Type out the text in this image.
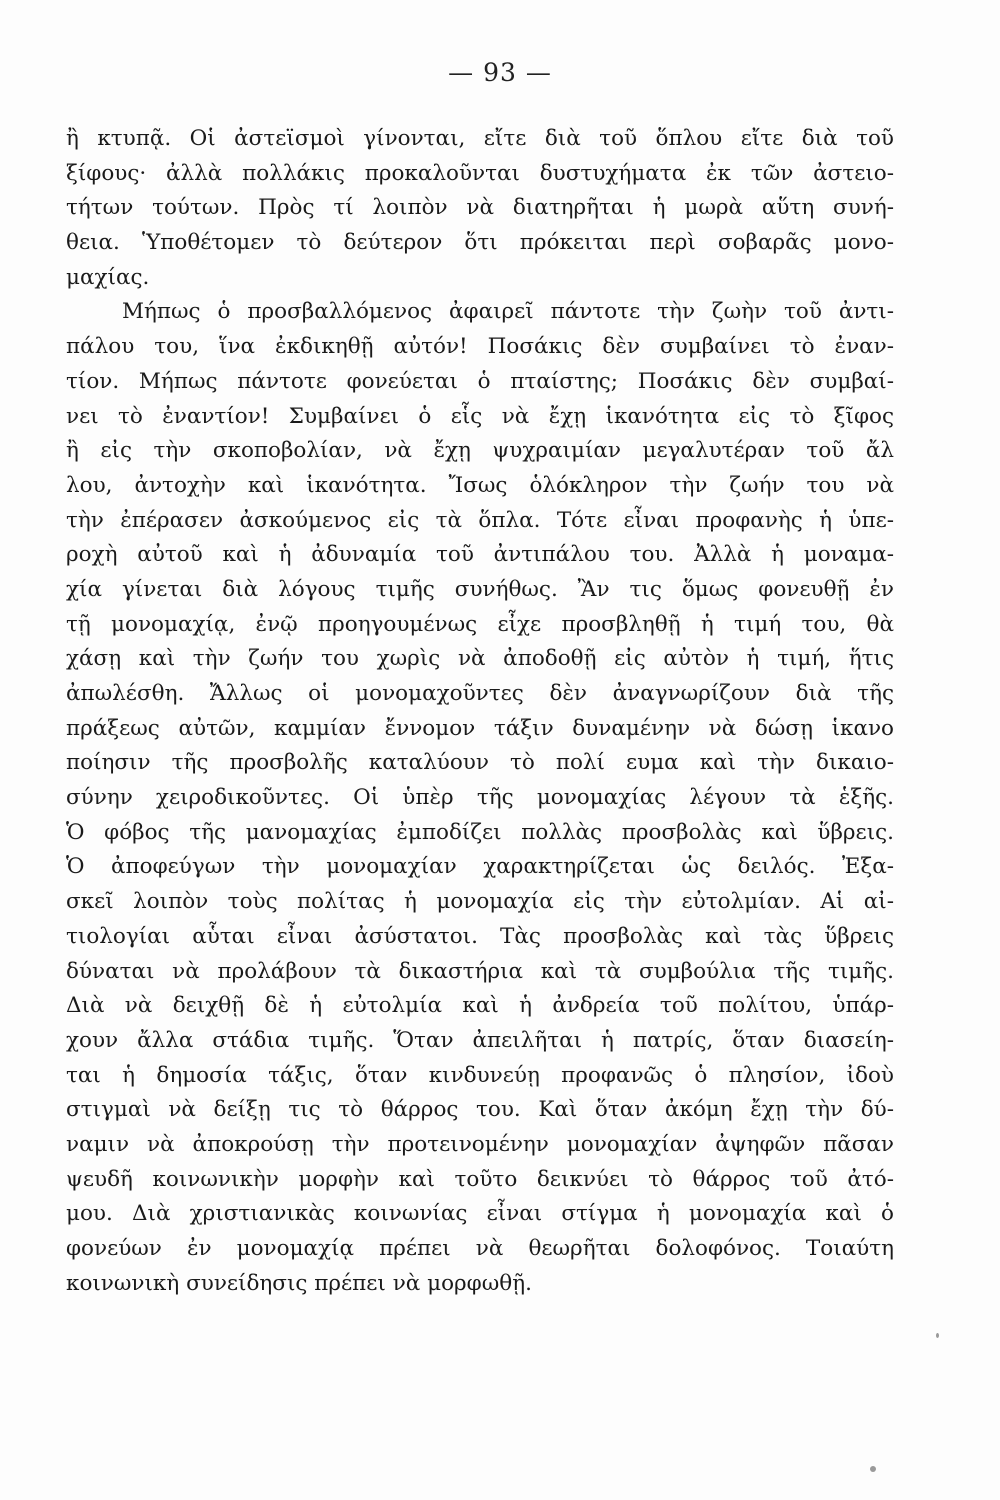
— 93 —
ἢ κτυπᾷ. Οἱ ἀστεϊσμοὶ γίνονται, εἴτε διὰ τοῦ ὅπλου εἴτε διὰ τοῦ
ξίφους· ἀλλὰ πολλάκις προκαλοῦνται δυστυχήματα ἐκ τῶν ἀστειο-
τήτων τούτων. Πρὸς τί λοιπὸν νὰ διατηρῆται ἡ μωρὰ αὕτη συνή-
θεια. Ὑποθέτομεν τὸ δεύτερον ὅτι πρόκειται περὶ σοβαρᾶς μονο-
μαχίας.
Μήπως ὁ προσβαλλόμενος ἀφαιρεῖ πάντοτε τὴν ζωὴν τοῦ ἀντι-
πάλου του, ἵνα ἐκδικηθῇ αὐτόν! Ποσάκις δὲν συμβαίνει τὸ ἐναν-
τίον. Μήπως πάντοτε φονεύεται ὁ πταίστης; Ποσάκις δὲν συμβαί-
νει τὸ ἐναντίον! Συμβαίνει ὁ εἷς νὰ ἔχῃ ἱκανότητα εἰς τὸ ξῖφος
ἢ εἰς τὴν σκοποβολίαν, νὰ ἔχῃ ψυχραιμίαν μεγαλυτέραν τοῦ ἄλ
λου, ἀντοχὴν καὶ ἱκανότητα. Ἴσως ὁλόκληρον τὴν ζωήν του νὰ
τὴν ἐπέρασεν ἀσκούμενος εἰς τὰ ὅπλα. Τότε εἶναι προφανὴς ἡ ὑπε-
ροχὴ αὐτοῦ καὶ ἡ ἀδυναμία τοῦ ἀντιπάλου του. Ἀλλὰ ἡ μοναμα-
χία γίνεται διὰ λόγους τιμῆς συνήθως. Ἂν τις ὅμως φονευθῇ ἐν
τῇ μονομαχίᾳ, ἐνῷ προηγουμένως εἶχε προσβληθῇ ἡ τιμή του, θὰ
χάσῃ καὶ τὴν ζωήν του χωρὶς νὰ ἀποδοθῇ εἰς αὐτὸν ἡ τιμή, ἥτις
ἀπωλέσθη. Ἄλλως οἱ μονομαχοῦντες δὲν ἀναγνωρίζουν διὰ τῆς
πράξεως αὐτῶν, καμμίαν ἔννομον τάξιν δυναμένην νὰ δώσῃ ἱκανο
ποίησιν τῆς προσβολῆς καταλύουν τὸ πολί ευμα καὶ τὴν δικαιο-
σύνην χειροδικοῦντες. Οἱ ὑπὲρ τῆς μονομαχίας λέγουν τὰ ἑξῆς.
Ὁ φόβος τῆς μανομαχίας ἐμποδίζει πολλὰς προσβολὰς καὶ ὕβρεις.
Ὁ ἀποφεύγων τὴν μονομαχίαν χαρακτηρίζεται ὡς δειλός. Ἐξα-
σκεῖ λοιπὸν τοὺς πολίτας ἡ μονομαχία εἰς τὴν εὐτολμίαν. Αἱ αἰ-
τιολογίαι αὗται εἶναι ἀσύστατοι. Τὰς προσβολὰς καὶ τὰς ὕβρεις
δύναται νὰ προλάβουν τὰ δικαστήρια καὶ τὰ συμβούλια τῆς τιμῆς.
Διὰ νὰ δειχθῇ δὲ ἡ εὐτολμία καὶ ἡ ἀνδρεία τοῦ πολίτου, ὑπάρ-
χουν ἄλλα στάδια τιμῆς. Ὅταν ἀπειλῆται ἡ πατρίς, ὅταν διασείη-
ται ἡ δημοσία τάξις, ὅταν κινδυνεύῃ προφανῶς ὁ πλησίον, ἰδοὺ
στιγμαὶ νὰ δείξῃ τις τὸ θάρρος του. Καὶ ὅταν ἀκόμη ἔχῃ τὴν δύ-
ναμιν νὰ ἀποκρούσῃ τὴν προτεινομένην μονομαχίαν ἀψηφῶν πᾶσαν
ψευδῆ κοινωνικὴν μορφὴν καὶ τοῦτο δεικνύει τὸ θάρρος τοῦ ἀτό-
μου. Διὰ χριστιανικὰς κοινωνίας εἶναι στίγμα ἡ μονομαχία καὶ ὁ
φονεύων ἐν μονομαχίᾳ πρέπει νὰ θεωρῆται δολοφόνος. Τοιαύτη
κοινωνικὴ συνείδησις πρέπει νὰ μορφωθῇ.
